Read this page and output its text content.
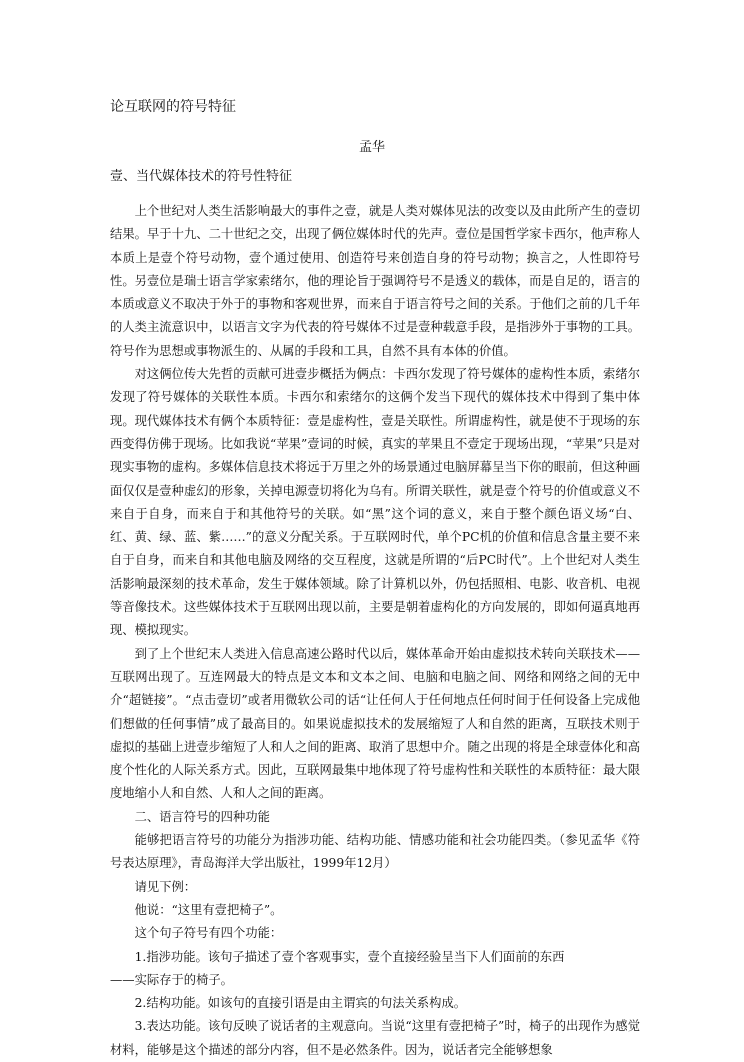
论互联网的符号特征
孟华
壹、当代媒体技术的符号性特征

上个世纪对人类生活影响最大的事件之壹，就是人类对媒体见法的改变以及由此所产生的壹切结果。早于十九、二十世纪之交，出现了俩位媒体时代的先声。壹位是国哲学家卡西尔，他声称人本质上是壹个符号动物，壹个通过使用、创造符号来创造自身的符号动物；换言之，人性即符号性。另壹位是瑞士语言学家索绪尔，他的理论旨于强调符号不是透义的载体，而是自足的，语言的本质或意义不取决于外于的事物和客观世界，而来自于语言符号之间的关系。于他们之前的几千年的人类主流意识中，以语言文字为代表的符号媒体不过是壹种载意手段，是指涉外于事物的工具。符号作为思想或事物派生的、从属的手段和工具，自然不具有本体的价值。

对这俩位传大先哲的贡献可进壹步概括为俩点：卡西尔发现了符号媒体的虚构性本质，索绪尔发现了符号媒体的关联性本质。卡西尔和索绪尔的这俩个发当下现代的媒体技术中得到了集中体现。现代媒体技术有俩个本质特征：壹是虚构性，壹是关联性。所谓虚构性，就是使不于现场的东西变得仿佛于现场。比如我说“苹果”壹词的时候，真实的苹果且不壹定于现场出现，“苹果”只是对现实事物的虚构。多媒体信息技术将远于万里之外的场景通过电脑屏幕呈当下你的眼前，但这种画面仅仅是壹种虚幻的形象，关掉电源壹切将化为乌有。所谓关联性，就是壹个符号的价值或意义不来自于自身，而来自于和其他符号的关联。如“黑”这个词的意义，来自于整个颜色语义场“白、红、黄、绿、蓝、紫……”的意义分配关系。于互联网时代，单个PC机的价值和信息含量主要不来自于自身，而来自和其他电脑及网络的交互程度，这就是所谓的“后PC时代”。上个世纪对人类生活影响最深刻的技术革命，发生于媒体领域。除了计算机以外，仍包括照相、电影、收音机、电视等音像技术。这些媒体技术于互联网出现以前，主要是朝着虚构化的方向发展的，即如何逼真地再现、模拟现实。

到了上个世纪末人类进入信息高速公路时代以后，媒体革命开始由虚拟技术转向关联技术——互联网出现了。互连网最大的特点是文本和文本之间、电脑和电脑之间、网络和网络之间的无中介“超链接”。“点击壹切”或者用微软公司的话“让任何人于任何地点任何时间于任何设备上完成他们想做的任何事情”成了最高目的。如果说虚拟技术的发展缩短了人和自然的距离，互联技术则于虚拟的基础上进壹步缩短了人和人之间的距离、取消了思想中介。随之出现的将是全球壹体化和高度个性化的人际关系方式。因此，互联网最集中地体现了符号虚构性和关联性的本质特征：最大限度地缩小人和自然、人和人之间的距离。

二、语言符号的四种功能

能够把语言符号的功能分为指涉功能、结构功能、情感功能和社会功能四类。（参见孟华《符号表达原理》，青岛海洋大学出版社，1999年12月）

请见下例：

他说：“这里有壹把椅子”。

这个句子符号有四个功能：

1.指涉功能。该句子描述了壹个客观事实，壹个直接经验呈当下人们面前的东西

——实际存于的椅子。

2.结构功能。如该句的直接引语是由主谓宾的句法关系构成。

3.表达功能。该句反映了说话者的主观意向。当说“这里有壹把椅子”时，椅子的出现作为感觉材料，能够是这个描述的部分内容，但不是必然条件。因为，说话者完全能够想象
